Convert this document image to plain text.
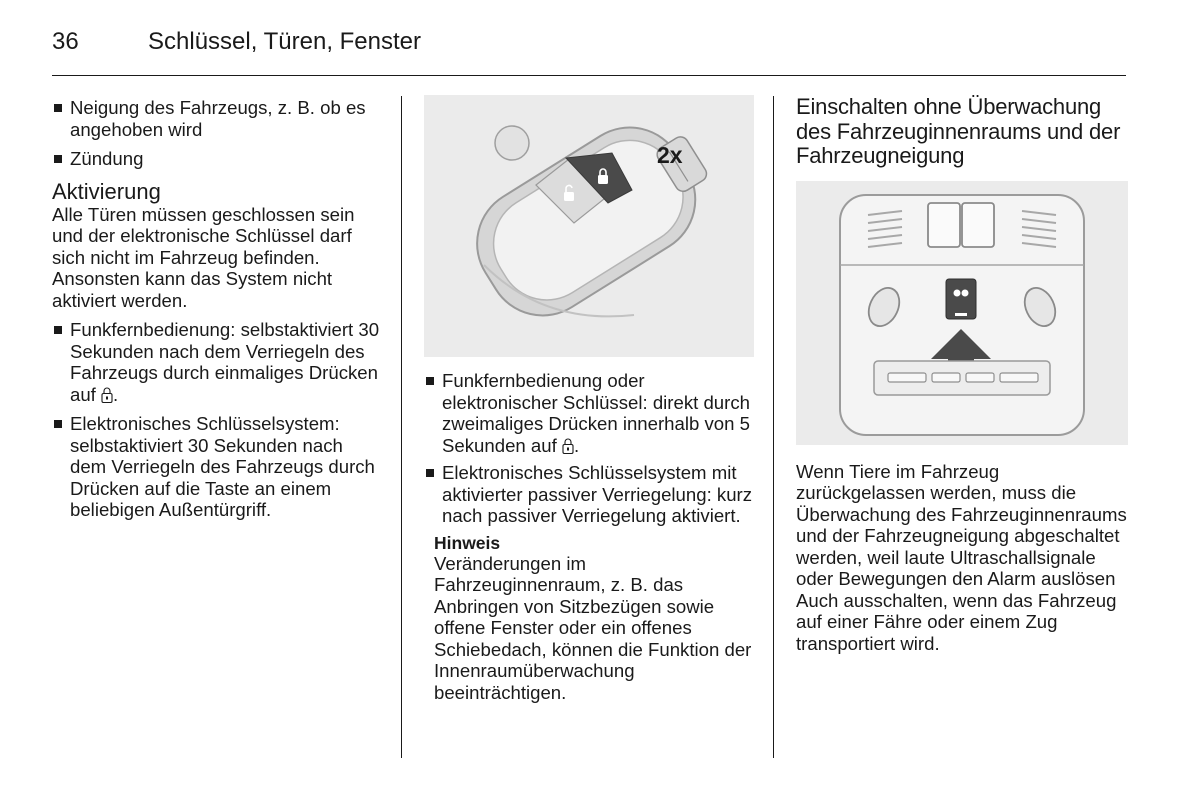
36	Schlüssel, Türen, Fenster
Neigung des Fahrzeugs, z. B. ob es angehoben wird
Zündung
Aktivierung

Alle Türen müssen geschlossen sein und der elektronische Schlüssel darf sich nicht im Fahrzeug befinden. Ansonsten kann das System nicht aktiviert werden.

Funkfernbedienung: selbstaktiviert 30 Sekunden nach dem Verriegeln des Fahrzeugs durch einmaliges Drücken auf .
Elektronisches Schlüsselsystem: selbstaktiviert 30 Sekunden nach dem Verriegeln des Fahrzeugs durch Drücken auf die Taste an einem beliebigen Außentürgriff.
2x
Funkfernbedienung oder elektronischer Schlüssel: direkt durch zweimaliges Drücken innerhalb von 5 Sekunden auf .
Elektronisches Schlüsselsystem mit aktivierter passiver Verriegelung: kurz nach passiver Verriegelung aktiviert.
Hinweis

Veränderungen im Fahrzeuginnenraum, z. B. das Anbringen von Sitzbezügen sowie offene Fenster oder ein offenes Schiebedach, können die Funktion der Innenraumüberwachung beeinträchtigen.

Einschalten ohne Überwachung des Fahrzeuginnenraums und der Fahrzeugneigung

Wenn Tiere im Fahrzeug zurückgelassen werden, muss die Überwachung des Fahrzeuginnenraums und der Fahrzeugneigung abgeschaltet werden, weil laute Ultraschallsignale oder Bewegungen den Alarm auslösen Auch ausschalten, wenn das Fahrzeug auf einer Fähre oder einem Zug transportiert wird.
